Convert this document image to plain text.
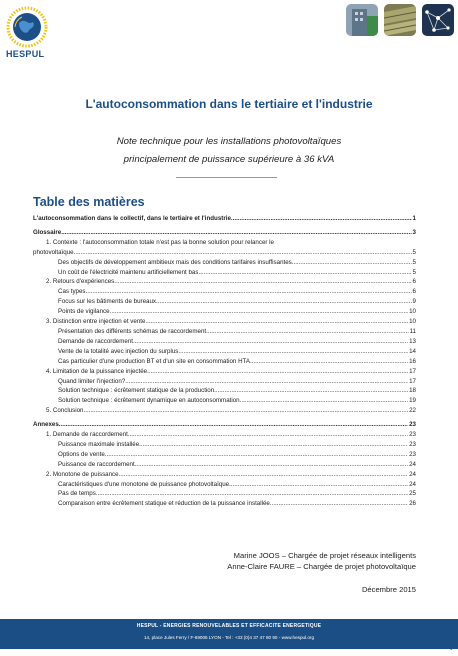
HESPUL
L'autoconsommation dans le tertiaire et l'industrie
Note technique pour les installations photovoltaïques
principalement de puissance supérieure à 36 kVA
Table des matières
L'autoconsommation dans le collectif, dans le tertiaire et l'industrie .....	1
Glossaire .....	3
1. Contexte : l'autoconsommation totale n'est pas la bonne solution pour relancer le
photovoltaïque .....	5
Des objectifs de développement ambitieux mais des conditions tarifaires insuffisantes .....	5
Un coût de l'électricité maintenu artificiellement bas .....	5
2. Retours d'expériences .....	6
Cas types .....	6
Focus sur les bâtiments de bureaux .....	9
Points de vigilance .....	10
3. Distinction entre injection et vente .....	10
Présentation des différents schémas de raccordement .....	11
Demande de raccordement .....	13
Vente de la totalité avec injection du surplus .....	14
Cas particulier d'une production BT et d'un site en consommation HTA .....	16
4. Limitation de la puissance injectée .....	17
Quand limiter l'injection? .....	17
Solution technique : écrêtement statique de la production .....	18
Solution technique : écrêtement dynamique en autoconsommation .....	19
5. Conclusion .....	22
Annexes .....	23
1. Demande de raccordement .....	23
Puissance maximale installée .....	23
Options de vente .....	23
Puissance de raccordement .....	24
2. Monotone de puissance .....	24
Caractéristiques d'une monotone de puissance photovoltaïque .....	24
Pas de temps .....	25
Comparaison entre écrêtement statique et réduction de la puissance installée .....	26
Marine JOOS – Chargée de projet réseaux intelligents
Anne-Claire FAURE – Chargée de projet photovoltaïque
Décembre 2015
HESPUL - ENERGIES RENOUVELABLES ET EFFICACITE ENERGETIQUE
14, place Jules Ferry / F-69006 LYON - Tel : +33 (0)4 37 47 80 90 - www.hespul.org
-1-
